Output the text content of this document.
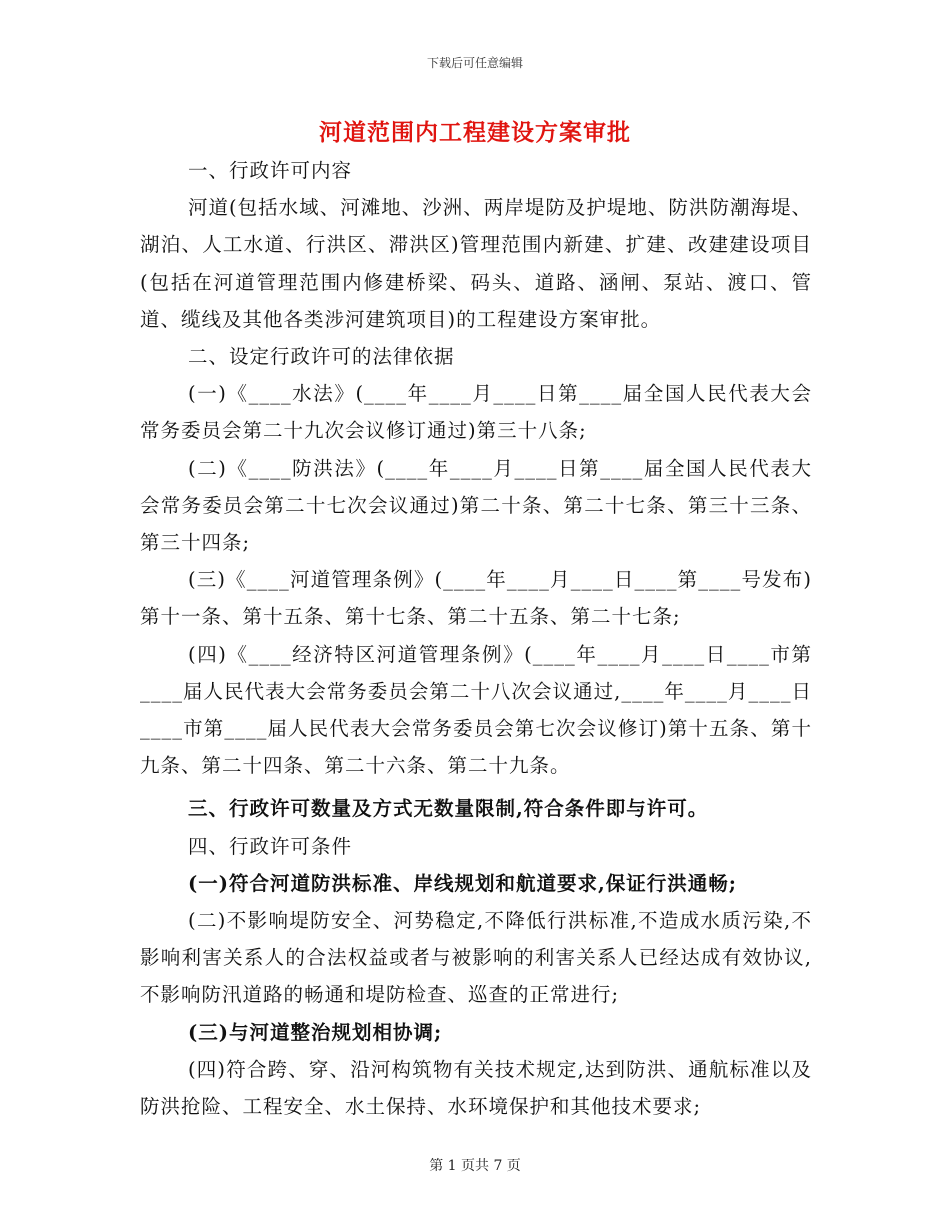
下载后可任意编辑
河道范围内工程建设方案审批

一、行政许可内容

河道(包括水域、河滩地、沙洲、两岸堤防及护堤地、防洪防潮海堤、湖泊、人工水道、行洪区、滞洪区)管理范围内新建、扩建、改建建设项目(包括在河道管理范围内修建桥梁、码头、道路、涵闸、泵站、渡口、管道、缆线及其他各类涉河建筑项目)的工程建设方案审批。

二、设定行政许可的法律依据

(一)《____水法》(____年____月____日第____届全国人民代表大会常务委员会第二十九次会议修订通过)第三十八条;

(二)《____防洪法》(____年____月____日第____届全国人民代表大会常务委员会第二十七次会议通过)第二十条、第二十七条、第三十三条、第三十四条;

(三)《____河道管理条例》(____年____月____日____第____号发布)第十一条、第十五条、第十七条、第二十五条、第二十七条;

(四)《____经济特区河道管理条例》(____年____月____日____市第____届人民代表大会常务委员会第二十八次会议通过,____年____月____日____市第____届人民代表大会常务委员会第七次会议修订)第十五条、第十九条、第二十四条、第二十六条、第二十九条。

三、行政许可数量及方式无数量限制,符合条件即与许可。

四、行政许可条件

(一)符合河道防洪标准、岸线规划和航道要求,保证行洪通畅;

(二)不影响堤防安全、河势稳定,不降低行洪标准,不造成水质污染,不影响利害关系人的合法权益或者与被影响的利害关系人已经达成有效协议,不影响防汛道路的畅通和堤防检查、巡查的正常进行;

(三)与河道整治规划相协调;

(四)符合跨、穿、沿河构筑物有关技术规定,达到防洪、通航标准以及防洪抢险、工程安全、水土保持、水环境保护和其他技术要求;

第 1 页共 7 页
